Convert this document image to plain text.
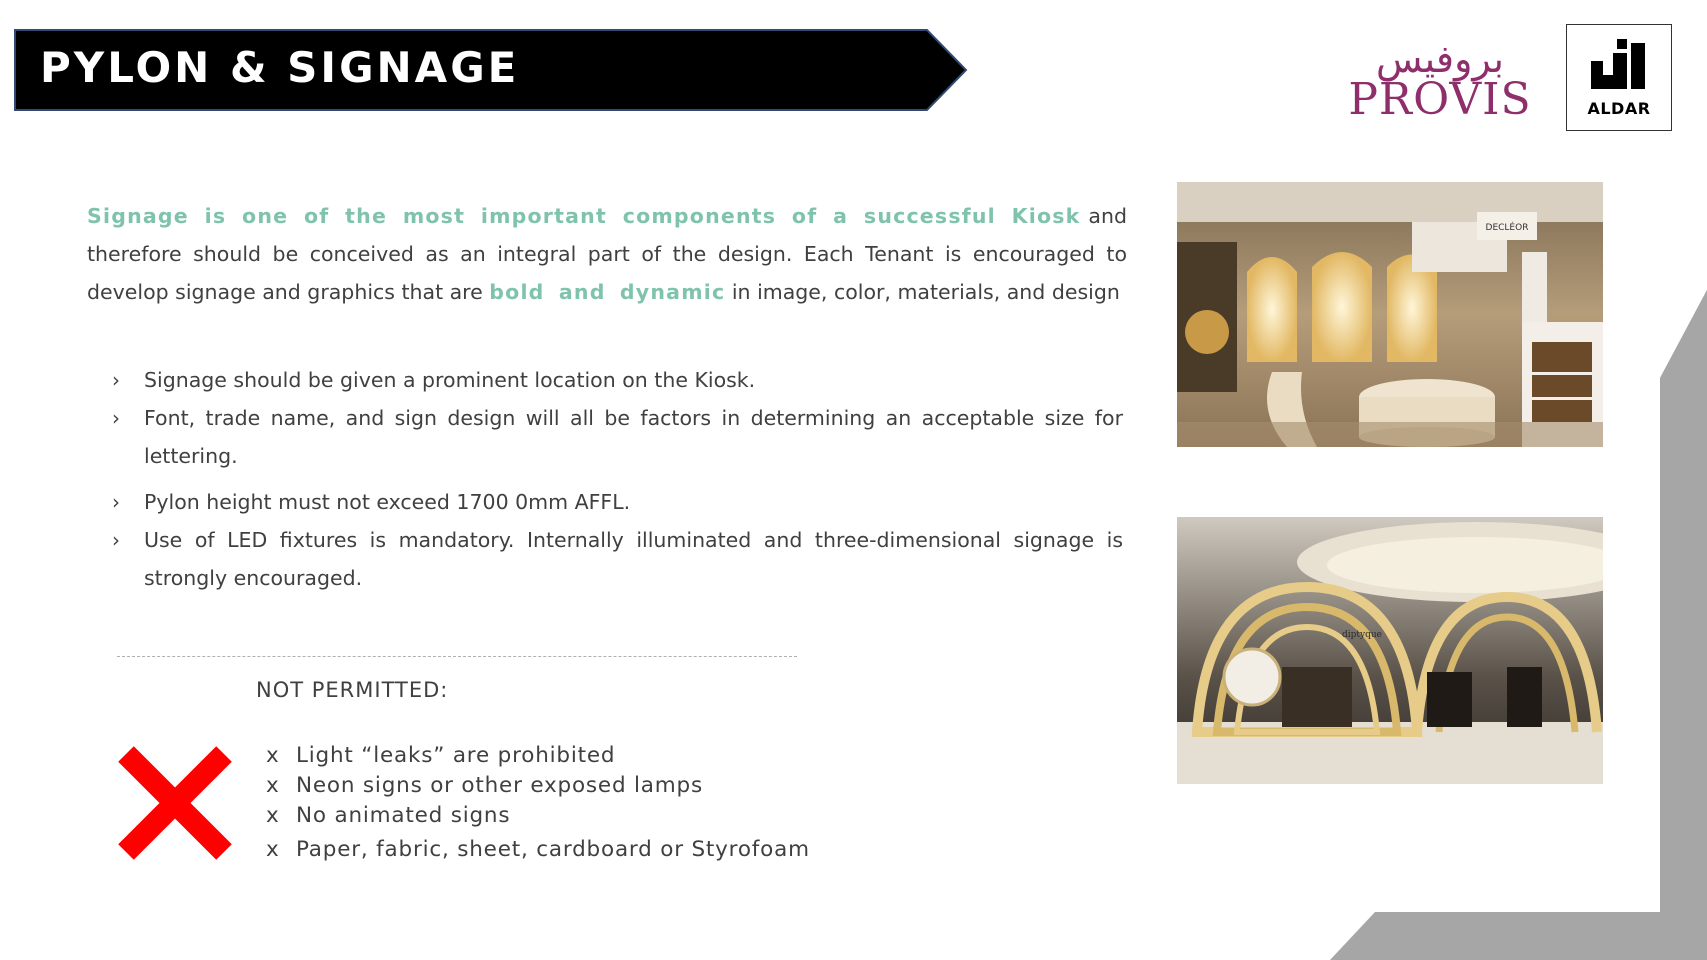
PYLON & SIGNAGE	بروفيس
PROVIS	ALDAR

Signage is one of the most important components of a successful Kiosk and therefore should be conceived as an integral part of the design. Each Tenant is encouraged to develop signage and graphics that are bold and dynamic in image, color, materials, and design

› Signage should be given a prominent location on the Kiosk.
› Font, trade name, and sign design will all be factors in determining an acceptable size for lettering.
› Pylon height must not exceed 1700 0mm AFFL.
› Use of LED fixtures is mandatory. Internally illuminated and three-dimensional signage is strongly encouraged.
NOT PERMITTED:
x Light “leaks” are prohibited
x Neon signs or other exposed lamps
x No animated signs
x Paper, fabric, sheet, cardboard or Styrofoam
DECLÉOR
diptyque
